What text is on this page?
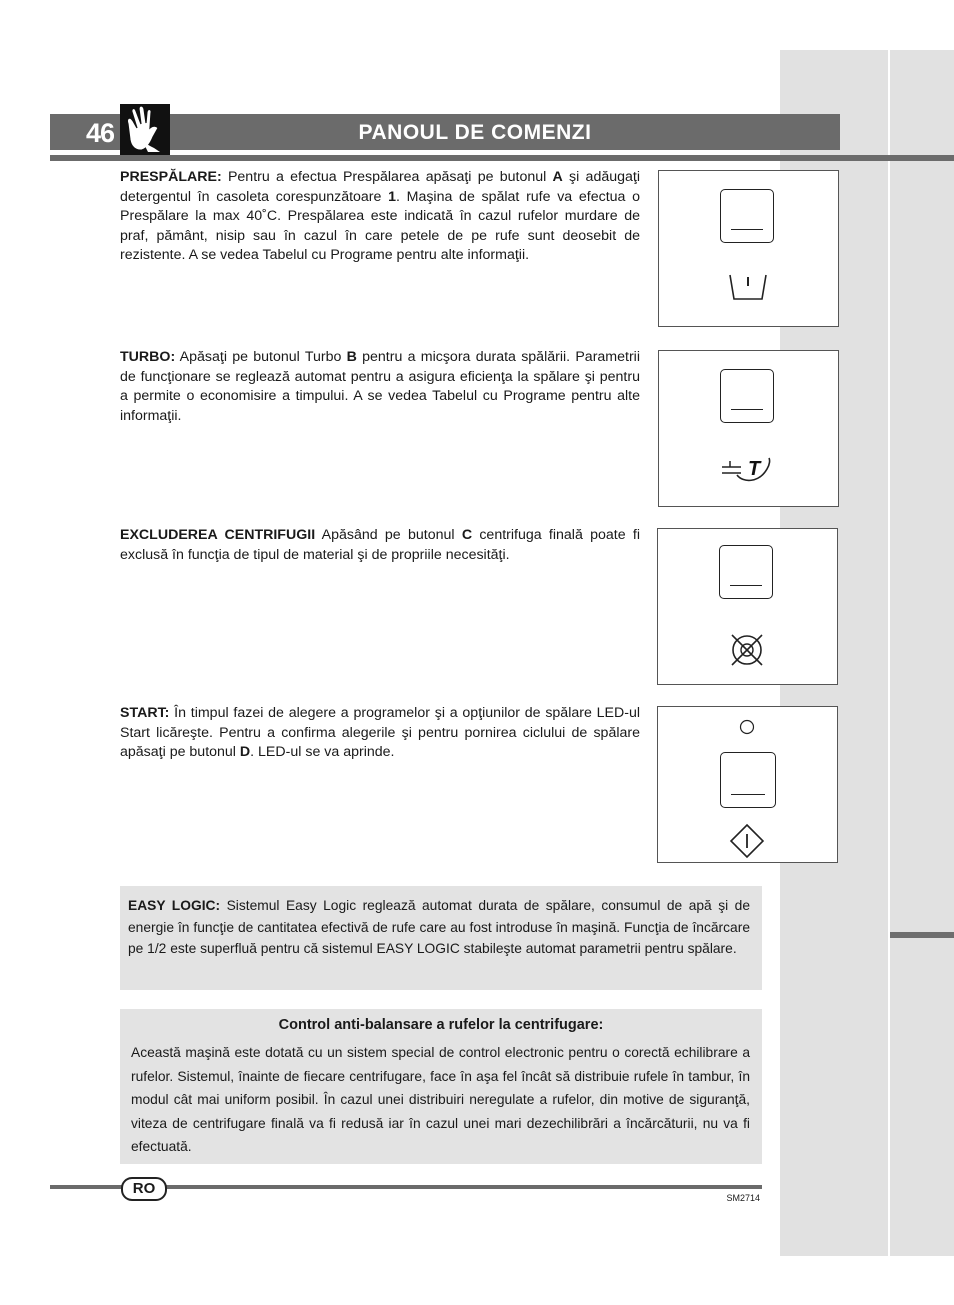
46	PANOUL DE COMENZI

PRESPĂLARE: Pentru a efectua Prespălarea apăsaţi pe butonul A şi adăugaţi detergentul în casoleta corespunzătoare 1. Maşina de spălat rufe va efectua o Prespălare la max 40˚C. Prespălarea este indicată în cazul rufelor murdare de praf, pământ, nisip sau în cazul în care petele de pe rufe sunt deosebit de rezistente. A se vedea Tabelul cu Programe pentru alte informaţii.

TURBO: Apăsaţi pe butonul Turbo B pentru a micşora durata spălării. Parametrii de funcţionare se reglează automat pentru a asigura eficienţa la spălare şi pentru a permite o economisire a timpului. A se vedea Tabelul cu Programe pentru alte informaţii.

T

EXCLUDEREA CENTRIFUGII Apăsând pe butonul C centrifuga finală poate fi exclusă în funcţia de tipul de material şi de propriile necesităţi.

START: În timpul fazei de alegere a programelor şi a opţiunilor de spălare LED-ul Start licăreşte. Pentru a confirma alegerile şi pentru pornirea ciclului de spălare apăsaţi pe butonul D. LED-ul se va aprinde.

EASY LOGIC: Sistemul Easy Logic reglează automat durata de spălare, consumul de apă şi de energie în funcţie de cantitatea efectivă de rufe care au fost introduse în maşină. Funcţia de încărcare pe 1/2 este superfluă pentru că sistemul EASY LOGIC stabileşte automat parametrii pentru spălare.

Control anti-balansare a rufelor la centrifugare:

Această maşină este dotată cu un sistem special de control electronic pentru o corectă echilibrare a rufelor. Sistemul, înainte de fiecare centrifugare, face în aşa fel încât să distribuie rufele în tambur, în modul cât mai uniform posibil. În cazul unei distribuiri neregulate a rufelor, din motive de siguranţă, viteza de centrifugare finală va fi redusă iar în cazul unei mari dezechilibrări a încărcăturii, nu va fi efectuată.

RO
SM2714
